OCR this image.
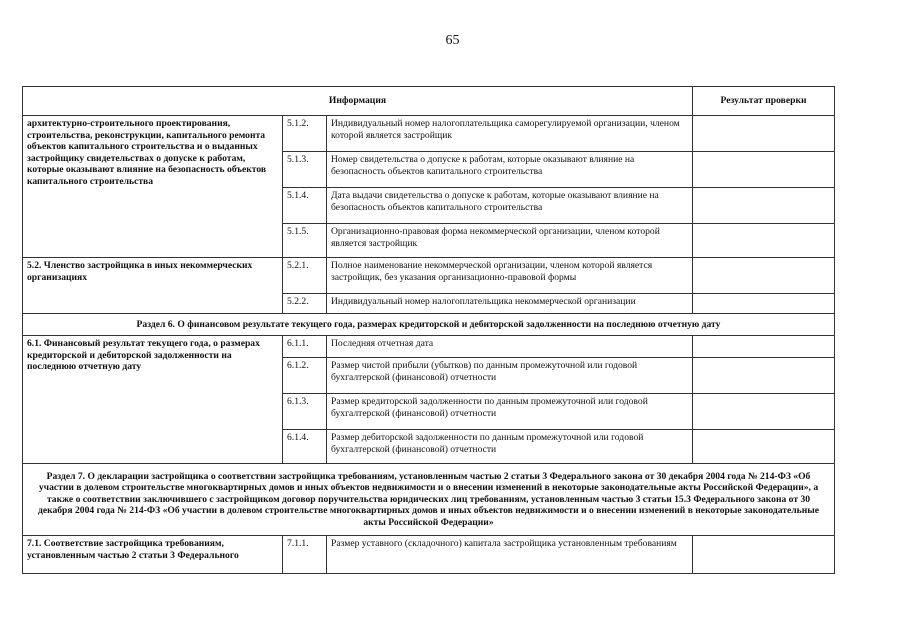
65
Информация			Результат проверки
архитектурно-строительного проектирования, строительства, реконструкции, капитального ремонта объектов капитального строительства и о выданных застройщику свидетельствах о допуске к работам, которые оказывают влияние на безопасность объектов капитального строительства	5.1.2.	Индивидуальный номер налогоплательщика саморегулируемой организации, членом которой является застройщик	
	5.1.3.	Номер свидетельства о допуске к работам, которые оказывают влияние на безопасность объектов капитального строительства	
	5.1.4.	Дата выдачи свидетельства о допуске к работам, которые оказывают влияние на безопасность объектов капитального строительства	
	5.1.5.	Организационно-правовая форма некоммерческой организации, членом которой является застройщик	
5.2. Членство застройщика в иных некоммерческих организациях	5.2.1.	Полное наименование некоммерческой организации, членом которой является застройщик, без указания организационно-правовой формы	
	5.2.2.	Индивидуальный номер налогоплательщика некоммерческой организации	
Раздел 6. О финансовом результате текущего года, размерах кредиторской и дебиторской задолженности на последнюю отчетную дату			
6.1. Финансовый результат текущего года, о размерах кредиторской и дебиторской задолженности на последнюю отчетную дату	6.1.1.	Последняя отчетная дата	
	6.1.2.	Размер чистой прибыли (убытков) по данным промежуточной или годовой бухгалтерской (финансовой) отчетности	
	6.1.3.	Размер кредиторской задолженности по данным промежуточной или годовой бухгалтерской (финансовой) отчетности	
	6.1.4.	Размер дебиторской задолженности по данным промежуточной или годовой бухгалтерской (финансовой) отчетности	
Раздел 7. О декларации застройщика о соответствии застройщика требованиям, установленным частью 2 статьи 3 Федерального закона от 30 декабря 2004 года № 214-ФЗ «Об участии в долевом строительстве многоквартирных домов и иных объектов недвижимости и о внесении изменений в некоторые законодательные акты Российской Федерации», а также о соответствии заключившего с застройщиком договор поручительства юридических лиц требованиям, установленным частью 3 статьи 15.3 Федерального закона от 30 декабря 2004 года № 214-ФЗ «Об участии в долевом строительстве многоквартирных домов и иных объектов недвижимости и о внесении изменений в некоторые законодательные акты Российской Федерации»			
7.1. Соответствие застройщика требованиям, установленным частью 2 статьи 3 Федерального	7.1.1.	Размер уставного (складочного) капитала застройщика установленным требованиям	
